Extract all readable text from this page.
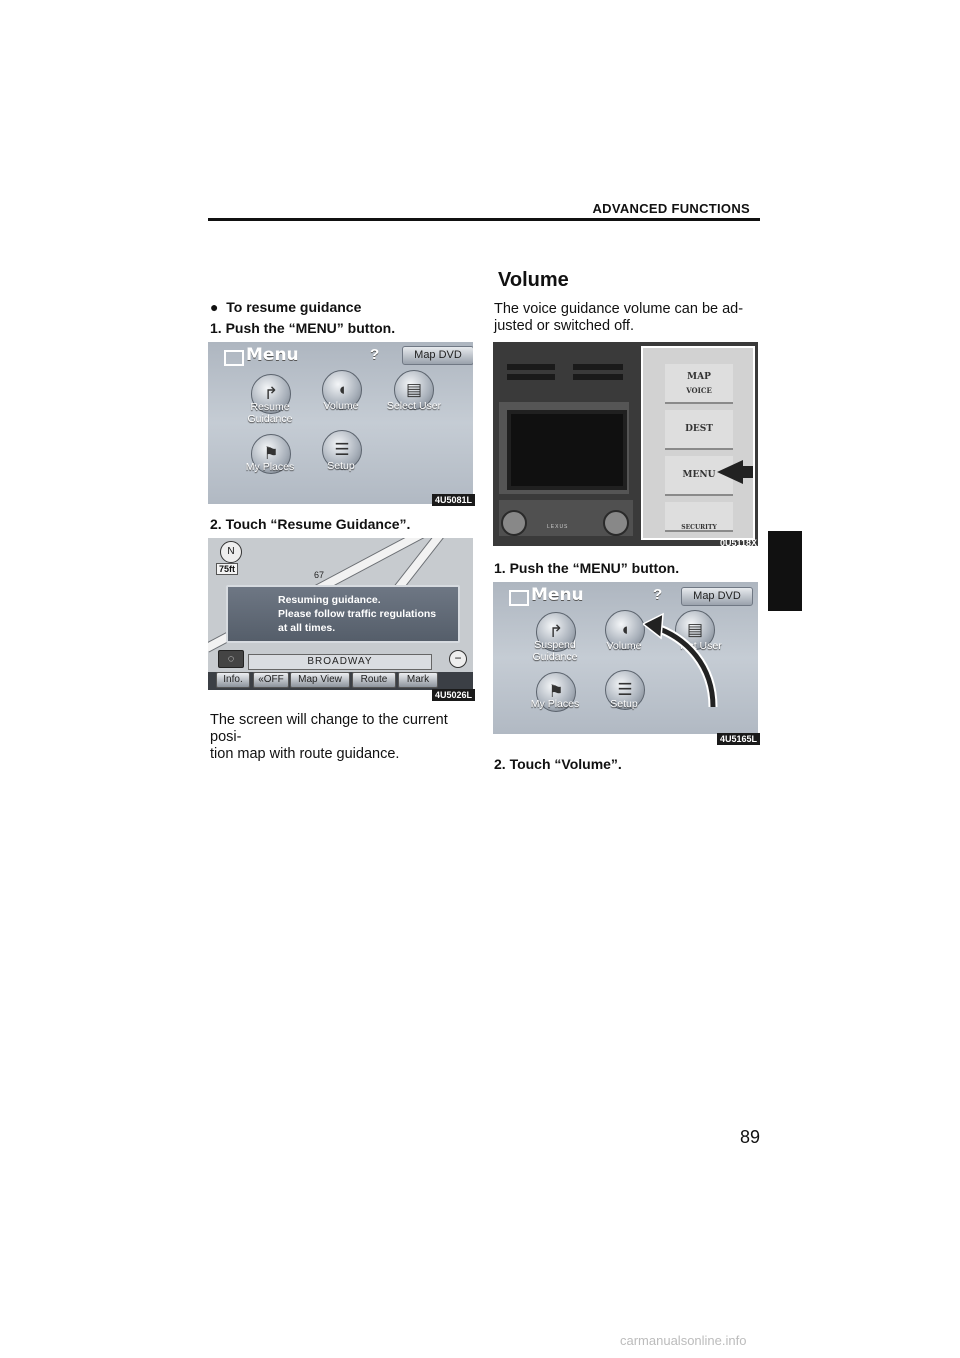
ADVANCED FUNCTIONS
Volume
●  To resume guidance
1. Push the “MENU” button.
Menu	?	Map DVD
↱
Resume
Guidance
◖
Volume
▤
Select User
⚑
My Places
☰
Setup
4U5081L
2. Touch “Resume Guidance”.
N
75ft
67
Resuming guidance.
Please follow traffic regulations
at all times.
◌	BROADWAY	−
Info.	«OFF	Map View	Route	Mark
4U5026L
The screen will change to the current posi-
tion map with route guidance.
The voice guidance volume can be ad-
justed or switched off.
LEXUS
MAP
VOICE
DEST
MENU
SECURITY
0U5118X
1. Push the “MENU” button.
Menu	?	Map DVD
↱
Suspend
Guidance
◖
Volume
▤
lect User
⚑
My Places
☰
Setup
4U5165L
2. Touch “Volume”.
89
carmanualsonline.info
